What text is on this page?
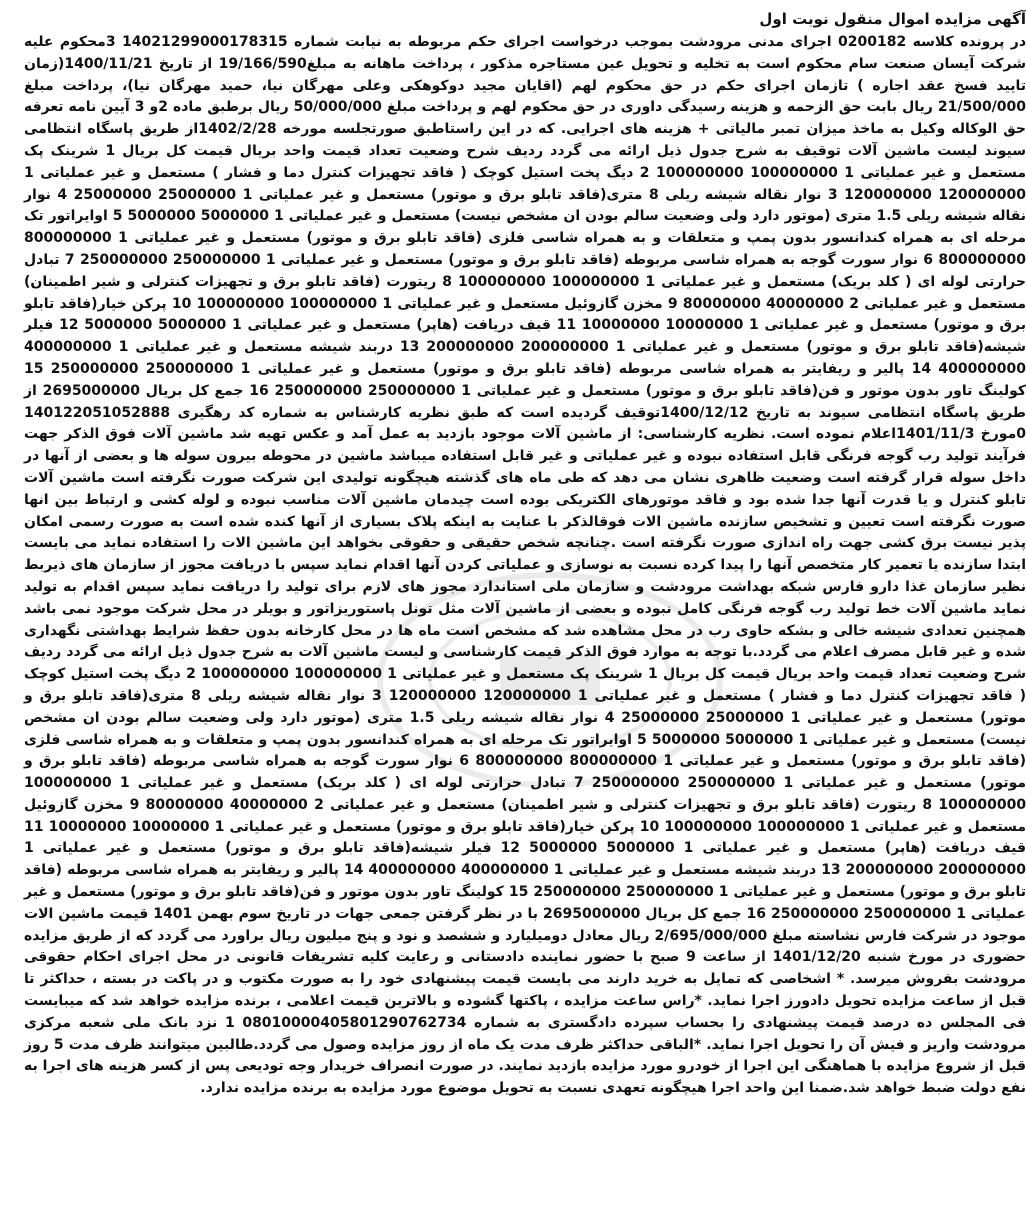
آگهی مزایده اموال منقول نوبت اول

در پرونده کلاسه 0200182 اجرای مدنی مرودشت بموجب درخواست اجرای حکم مربوطه به نیابت شماره 14021299000178315 3محکوم علیه شرکت آیسان صنعت سام محکوم است به تخلیه و تحویل عین مستاجره مذکور ، پرداخت ماهانه به مبلغ19/166/590 از تاریخ 1400/11/21(زمان تایید فسخ عقد اجاره ) تازمان اجرای حکم در حق محکوم لهم (اقایان مجید دوکوهکی وعلی مهرگان نیا، حمید مهرگان نیا)، پرداخت مبلغ 21/500/000 ریال بابت حق الزحمه و هزینه رسیدگی داوری در حق محکوم لهم و پرداخت مبلغ 50/000/000 ریال برطبق ماده 2و 3 آیین نامه تعرفه حق الوکاله وکیل به ماخذ میزان تمبر مالیاتی + هزینه های اجرایی. که در این راستاطبق صورتجلسه مورخه 1402/2/28از طریق پاسگاه انتظامی سیوند لیست ماشین آلات توقیف به شرح جدول ذیل ارائه می گردد ردیف شرح وضعیت تعداد قیمت واحد بریال قیمت کل بریال 1 شرینک پک مستعمل و غیر عملیاتی 1 100000000 100000000 2 دیگ پخت استیل کوچک ( فاقد تجهیزات کنترل دما و فشار ) مستعمل و غیر عملیاتی 1 120000000 120000000 3 نوار نقاله شیشه ریلی 8 متری(فاقد تابلو برق و موتور) مستعمل و غیر عملیاتی 1 25000000 25000000 4 نوار نقاله شیشه ریلی 1.5 متری (موتور دارد ولی وضعیت سالم بودن ان مشخص نیست) مستعمل و غیر عملیاتی 1 5000000 5000000 5 اوایراتور تک مرحله ای به همراه کندانسور بدون پمپ و متعلقات و به همراه شاسی فلزی (فاقد تابلو برق و موتور) مستعمل و غیر عملیاتی 1 800000000 800000000 6 نوار سورت گوجه به همراه شاسی مربوطه (فاقد تابلو برق و موتور) مستعمل و غیر عملیاتی 1 250000000 250000000 7 تبادل حرارتی لوله ای ( کلد بریک) مستعمل و غیر عملیاتی 1 100000000 100000000 8 ریتورت (فاقد تابلو برق و تجهیزات کنترلی و شیر اطمینان) مستعمل و غیر عملیاتی 2 40000000 80000000 9 مخزن گازوئیل مستعمل و غیر عملیاتی 1 100000000 100000000 10 پرکن خیار(فاقد تابلو برق و موتور) مستعمل و غیر عملیاتی 1 10000000 10000000 11 قیف دریافت (هاپر) مستعمل و غیر عملیاتی 1 5000000 5000000 12 فیلر شیشه(فاقد تابلو برق و موتور) مستعمل و غیر عملیاتی 1 200000000 200000000 13 دربند شیشه مستعمل و غیر عملیاتی 1 400000000 400000000 14 پالیر و ریفایتر به همراه شاسی مربوطه (فاقد تابلو برق و موتور) مستعمل و غیر عملیاتی 1 250000000 250000000 15 کولینگ تاور بدون موتور و فن(فاقد تابلو برق و موتور) مستعمل و غیر عملیاتی 1 250000000 250000000 16 جمع کل بریال 2695000000 از طریق پاسگاه انتظامی سیوند به تاریخ 1400/12/12توقیف گردیده است که طبق نظریه کارشناس به شماره کد رهگیری 140122051052888 0مورخ 1401/11/3اعلام نموده است. نظریه کارشناسی: از ماشین آلات موجود بازدید به عمل آمد و عکس تهیه شد ماشین آلات فوق الذکر جهت فرآیند تولید رب گوجه فرنگی قابل استفاده نبوده و غیر عملیاتی و غیر قابل استفاده میباشد ماشین در محوطه بیرون سوله ها و بعضی از آنها در داخل سوله قرار گرفته است وضعیت ظاهری نشان می دهد که طی ماه های گذشته هیچگونه تولیدی این شرکت صورت نگرفته است ماشین آلات تابلو کنترل و یا قدرت آنها جدا شده بود و فاقد موتورهای الکتریکی بوده است چیدمان ماشین آلات مناسب نبوده و لوله کشی و ارتباط بین انها صورت نگرفته است تعیین و تشخیص سازنده ماشین الات فوقالذکر با عنایت به اینکه پلاک بسیاری از آنها کنده شده است به صورت رسمی امکان پذیر نیست برق کشی جهت راه اندازی صورت نگرفته است .چنانچه شخص حقیقی و حقوقی بخواهد این ماشین الات را استفاده نماید می بایست ابتدا سازنده یا تعمیر کار متخصص آنها را پیدا کرده نسبت به نوسازی و عملیاتی کردن آنها اقدام نماید سپس با دریافت مجوز از سازمان های ذیربط نظیر سازمان غذا دارو فارس شبکه بهداشت مرودشت و سازمان ملی استاندارد مجوز های لازم برای تولید را دریافت نماید سپس اقدام به تولید نماید ماشین آلات خط تولید رب گوجه فرنگی کامل نبوده و بعضی از ماشین آلات مثل تونل پاستوریزاتور و بویلر در محل شرکت موجود نمی باشد همچنین تعدادی شیشه خالی و بشکه حاوی رب در محل مشاهده شد که مشخص است ماه ها در محل کارخانه بدون حفظ شرایط بهداشتی نگهداری شده و غیر قابل مصرف اعلام می گردد.با توجه به موارد فوق الذکر قیمت کارشناسی و لیست ماشین آلات به شرح جدول ذیل ارائه می گردد ردیف شرح وضعیت تعداد قیمت واحد بریال قیمت کل بریال 1 شرینک پک مستعمل و غیر عملیاتی 1 100000000 100000000 2 دیگ پخت استیل کوچک ( فاقد تجهیزات کنترل دما و فشار ) مستعمل و غیر عملیاتی 1 120000000 120000000 3 نوار نقاله شیشه ریلی 8 متری(فاقد تابلو برق و موتور) مستعمل و غیر عملیاتی 1 25000000 25000000 4 نوار نقاله شیشه ریلی 1.5 متری (موتور دارد ولی وضعیت سالم بودن ان مشخص نیست) مستعمل و غیر عملیاتی 1 5000000 5000000 5 اوایراتور تک مرحله ای به همراه کندانسور بدون پمپ و متعلقات و به همراه شاسی فلزی (فاقد تابلو برق و موتور) مستعمل و غیر عملیاتی 1 800000000 800000000 6 نوار سورت گوجه به همراه شاسی مربوطه (فاقد تابلو برق و موتور) مستعمل و غیر عملیاتی 1 250000000 250000000 7 تبادل حرارتی لوله ای ( کلد بریک) مستعمل و غیر عملیاتی 1 100000000 100000000 8 ریتورت (فاقد تابلو برق و تجهیزات کنترلی و شیر اطمینان) مستعمل و غیر عملیاتی 2 40000000 80000000 9 مخزن گازوئیل مستعمل و غیر عملیاتی 1 100000000 100000000 10 پرکن خیار(فاقد تابلو برق و موتور) مستعمل و غیر عملیاتی 1 10000000 10000000 11 قیف دریافت (هاپر) مستعمل و غیر عملیاتی 1 5000000 5000000 12 فیلر شیشه(فاقد تابلو برق و موتور) مستعمل و غیر عملیاتی 1 200000000 200000000 13 دربند شیشه مستعمل و غیر عملیاتی 1 400000000 400000000 14 پالیر و ریفایتر به همراه شاسی مربوطه (فاقد تابلو برق و موتور) مستعمل و غیر عملیاتی 1 250000000 250000000 15 کولینگ تاور بدون موتور و فن(فاقد تابلو برق و موتور) مستعمل و غیر عملیاتی 1 250000000 250000000 16 جمع کل بریال 2695000000 با در نظر گرفتن جمعی جهات در تاریخ سوم بهمن 1401 قیمت ماشین الات موجود در شرکت فارس نشاسته مبلغ 2/695/000/000 ریال معادل دومیلیارد و ششصد و نود و پنج میلیون ریال براورد می گردد که از طریق مزایده حضوری در مورخ شنبه 1401/12/20 از ساعت 9 صبح با حضور نماینده دادستانی و رعایت کلیه تشریفات قانونی در محل اجرای احکام حقوقی مرودشت بفروش میرسد. * اشخاصی که تمایل به خرید دارند می بایست قیمت پیشنهادی خود را به صورت مکتوب و در پاکت در بسته ، حداکثر تا قبل از ساعت مزایده تحویل دادورز اجرا نماید. *راس ساعت مزایده ، پاکتها گشوده و بالاترین قیمت اعلامی ، برنده مزایده خواهد شد که میبایست فی المجلس ده درصد قیمت پیشنهادی را بحساب سپرده دادگستری به شماره 08010000405801290762734 1 نزد بانک ملی شعبه مرکزی مرودشت واریز و فیش آن را تحویل اجرا نماید. *الباقی حداکثر ظرف مدت یک ماه از روز مزایده وصول می گردد.طالبین میتوانند ظرف مدت 5 روز قبل از شروع مزایده با هماهنگی این اجرا از خودرو مورد مزایده بازدید نمایند. در صورت انصراف خریدار وجه تودیعی پس از کسر هزینه های اجرا به نفع دولت ضبط خواهد شد.ضمنا این واحد اجرا هیچگونه تعهدی نسبت به تحویل موضوع مورد مزایده به برنده مزایده ندارد.
